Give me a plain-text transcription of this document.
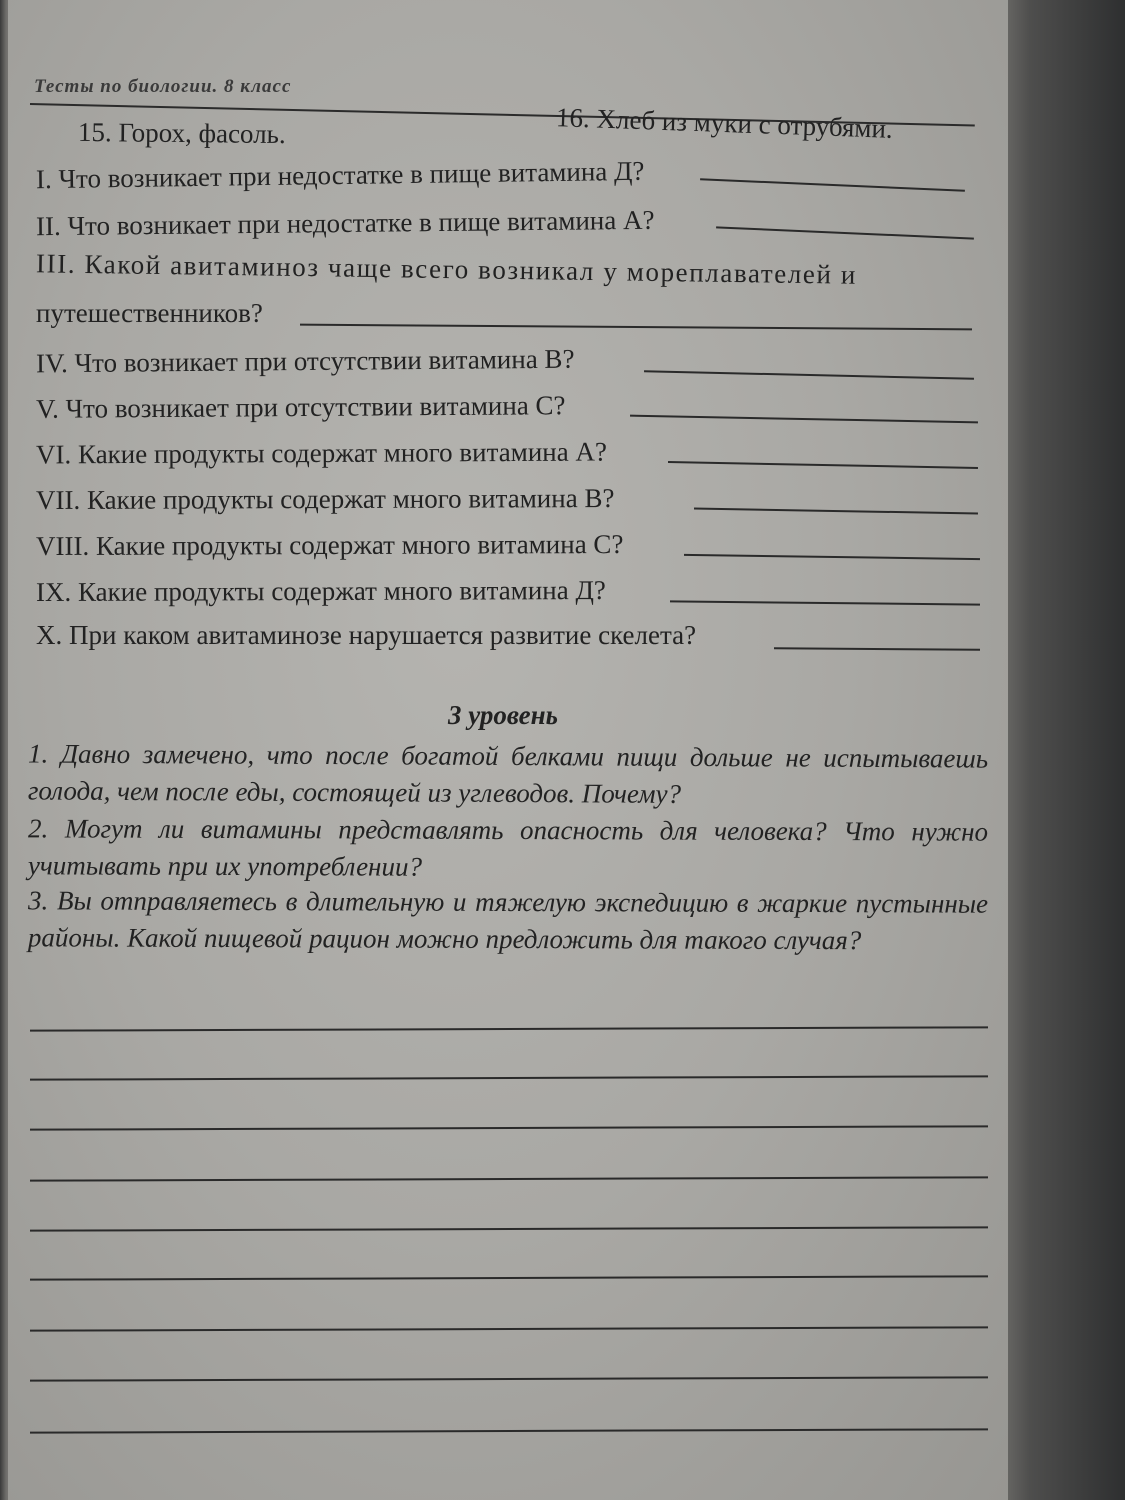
Тесты по биологии. 8 класс
15. Горох, фасоль.	16. Хлеб из муки с отрубями.
I. Что возникает при недостатке в пище витамина Д?
II. Что возникает при недостатке в пище витамина А?
III. Какой авитаминоз чаще всего возникал у мореплавателей и
путешественников?
IV. Что возникает при отсутствии витамина В?
V. Что возникает при отсутствии витамина С?
VI. Какие продукты содержат много витамина А?
VII. Какие продукты содержат много витамина В?
VIII. Какие продукты содержат много витамина С?
IX. Какие продукты содержат много витамина Д?
X. При каком авитаминозе нарушается развитие скелета?
3 уровень
1. Давно замечено, что после богатой белками пищи дольше не испытываешь голода, чем после еды, состоящей из углеводов. Почему?
2. Могут ли витамины представлять опасность для человека? Что нужно учитывать при их употреблении?
3. Вы отправляетесь в длительную и тяжелую экспедицию в жаркие пустынные районы. Какой пищевой рацион можно предложить для такого случая?
